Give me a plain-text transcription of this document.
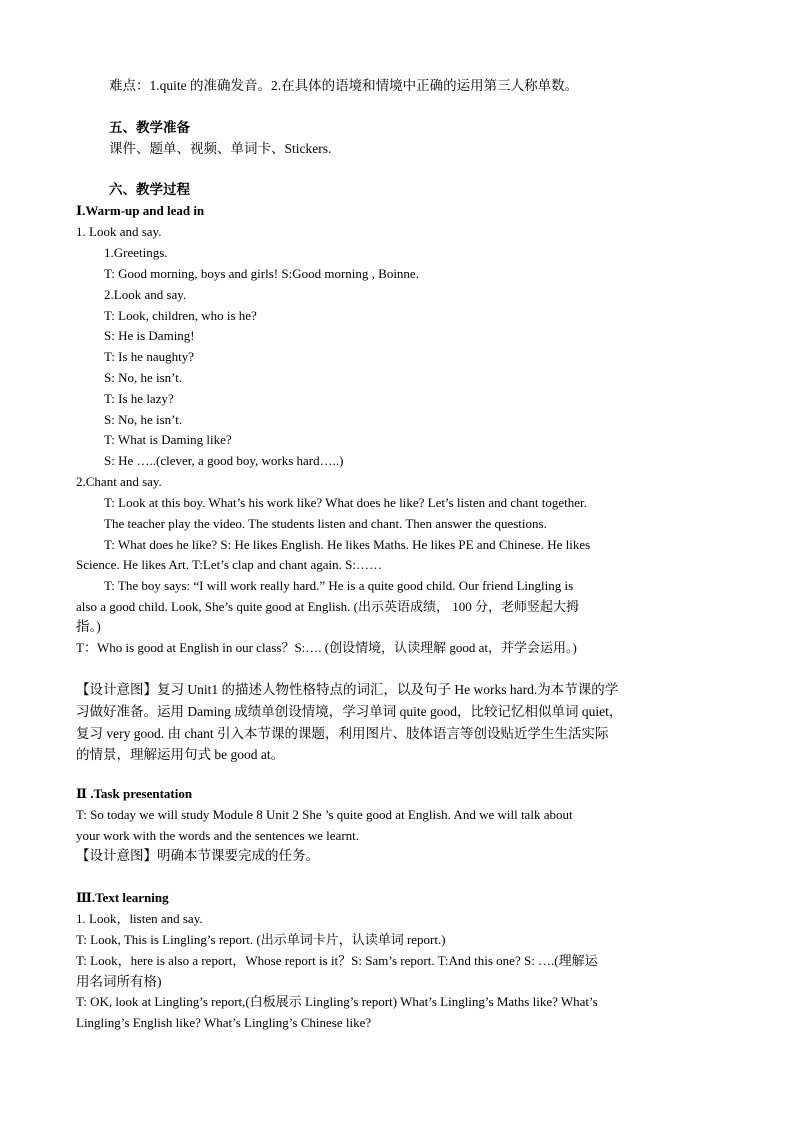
难点：1.quite 的准确发音。2.在具体的语境和情境中正确的运用第三人称单数。
五、教学准备
课件、题单、视频、单词卡、Stickers.
六、教学过程
Ⅰ.Warm-up and lead in
1. Look and say.
1.Greetings.
T: Good morning, boys and girls! S:Good morning , Boinne.
2.Look and say.
T: Look, children, who is he?
S: He is Daming!
T: Is he naughty?
S: No, he isn’t.
T: Is he lazy?
S: No, he isn’t.
T: What is Daming like?
S: He …..(clever, a good boy, works hard…..)
2.Chant and say.
T: Look at this boy. What’s his work like? What does he like? Let’s listen and chant together.
The teacher play the video. The students listen and chant. Then answer the questions.
T: What does he like? S: He likes English. He likes Maths. He likes PE and Chinese. He likes
Science. He likes Art. T:Let’s clap and chant again. S:……
T: The boy says: “I will work really hard.” He is a quite good child. Our friend Lingling is
also a good child. Look, She’s quite good at English. (出示英语成绩， 100 分，老师竖起大拇
指。)
T：Who is good at English in our class？S:…. (创设情境，认读理解 good at，并学会运用。)
【设计意图】复习 Unit1 的描述人物性格特点的词汇，以及句子 He works hard.为本节课的学
习做好准备。运用 Daming 成绩单创设情境，学习单词 quite good，比较记忆相似单词 quiet，
复习 very good. 由 chant 引入本节课的课题，利用图片、肢体语言等创设贴近学生生活实际
的情景，理解运用句式 be good at。
Ⅱ .Task presentation
T: So today we will study Module 8 Unit 2 She ’s quite good at English. And we will talk about
your work with the words and the sentences we learnt.
【设计意图】明确本节课要完成的任务。
Ⅲ.Text learning
1. Look，listen and say.
T: Look, This is Lingling’s report. (出示单词卡片，认读单词 report.)
T: Look，here is also a report，Whose report is it？S: Sam’s report. T:And this one? S: ….(理解运
用名词所有格)
T: OK, look at Lingling’s report,(白板展示 Lingling’s report) What’s Lingling’s Maths like? What’s
Lingling’s English like? What’s Lingling’s Chinese like?
